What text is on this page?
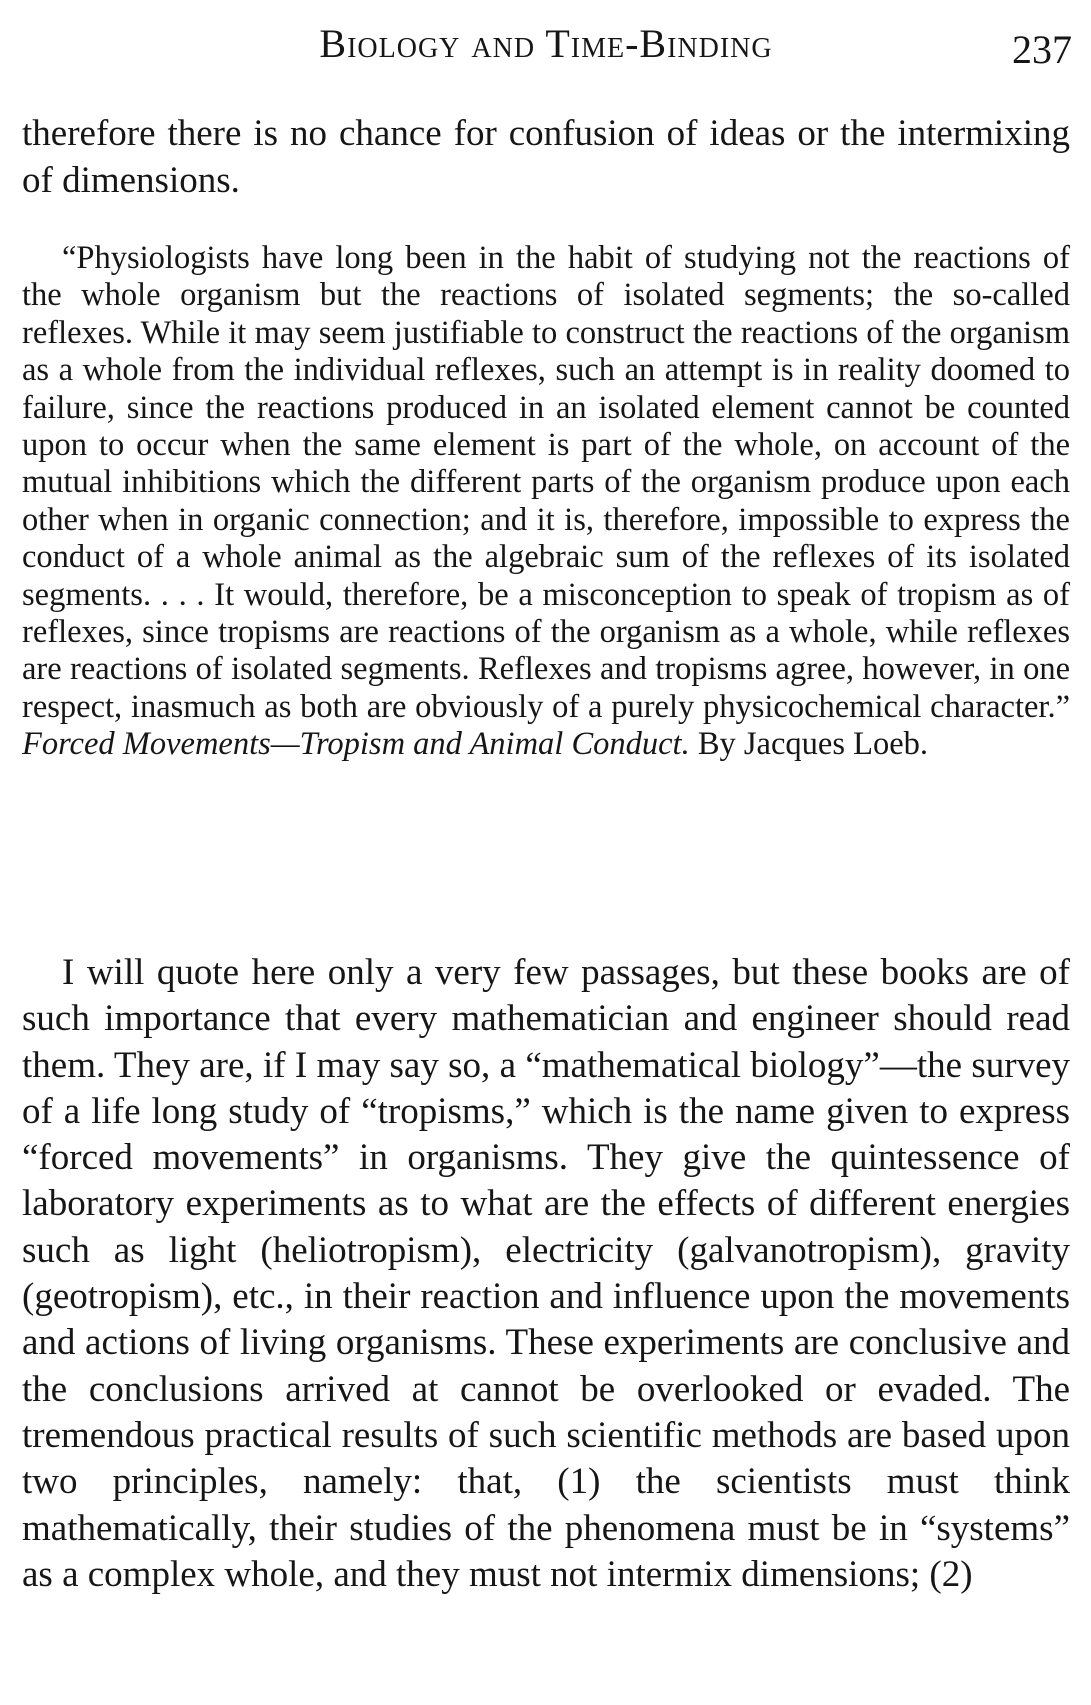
Biology and Time-Binding	237

therefore there is no chance for confusion of ideas or the intermixing of dimensions.

“Physiologists have long been in the habit of studying not the reactions of the whole organism but the reactions of isolated segments; the so-called reflexes. While it may seem justifiable to construct the reactions of the organism as a whole from the individual reflexes, such an attempt is in reality doomed to failure, since the reactions produced in an isolated element cannot be counted upon to occur when the same element is part of the whole, on account of the mutual inhibitions which the different parts of the organism produce upon each other when in organic connection; and it is, therefore, impossible to express the conduct of a whole animal as the algebraic sum of the reflexes of its isolated segments. . . . It would, therefore, be a misconception to speak of tropism as of reflexes, since tropisms are reactions of the organism as a whole, while reflexes are reactions of isolated segments. Reflexes and tropisms agree, however, in one respect, inasmuch as both are obviously of a purely physicochemical character.” Forced Movements—Tropism and Animal Conduct. By Jacques Loeb.

I will quote here only a very few passages, but these books are of such importance that every mathematician and engineer should read them. They are, if I may say so, a “mathematical biology”—the survey of a life long study of “tropisms,” which is the name given to express “forced movements” in organisms. They give the quintessence of laboratory experiments as to what are the effects of different energies such as light (heliotropism), electricity (galvanotropism), gravity (geotropism), etc., in their reaction and influence upon the movements and actions of living organisms. These experiments are conclusive and the conclusions arrived at cannot be overlooked or evaded. The tremendous practical results of such scientific methods are based upon two principles, namely: that, (1) the scientists must think mathematically, their studies of the phenomena must be in “systems” as a complex whole, and they must not intermix dimensions; (2)
